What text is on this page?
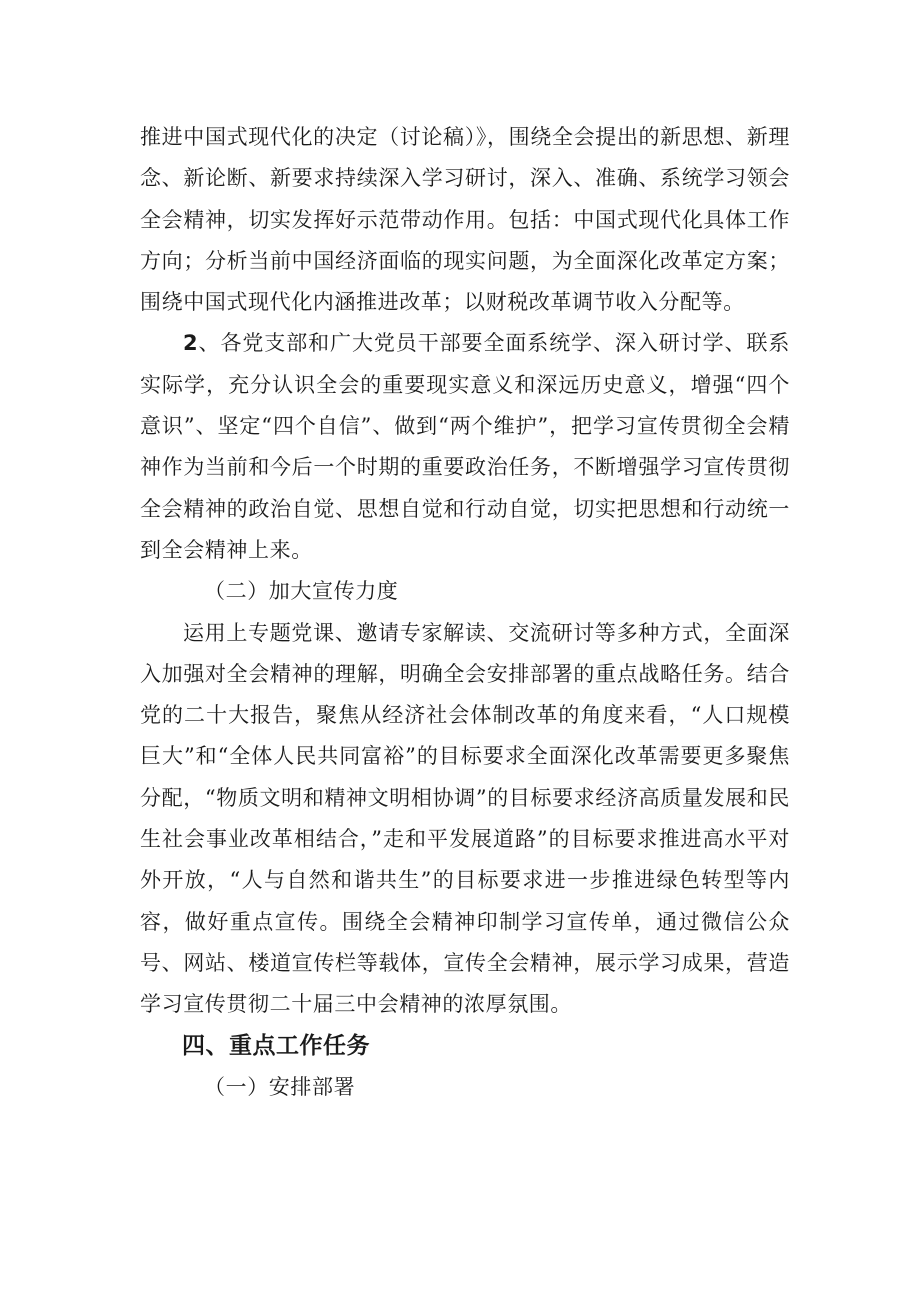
推进中国式现代化的决定（讨论稿）》，围绕全会提出的新思想、新理念、新论断、新要求持续深入学习研讨，深入、准确、系统学习领会全会精神，切实发挥好示范带动作用。包括：中国式现代化具体工作方向；分析当前中国经济面临的现实问题，为全面深化改革定方案；围绕中国式现代化内涵推进改革；以财税改革调节收入分配等。

2、各党支部和广大党员干部要全面系统学、深入研讨学、联系实际学，充分认识全会的重要现实意义和深远历史意义，增强“四个意识”、坚定“四个自信”、做到“两个维护”，把学习宣传贯彻全会精神作为当前和今后一个时期的重要政治任务，不断增强学习宣传贯彻全会精神的政治自觉、思想自觉和行动自觉，切实把思想和行动统一到全会精神上来。

（二）加大宣传力度

运用上专题党课、邀请专家解读、交流研讨等多种方式，全面深入加强对全会精神的理解，明确全会安排部署的重点战略任务。结合党的二十大报告，聚焦从经济社会体制改革的角度来看，“人口规模巨大”和“全体人民共同富裕”的目标要求全面深化改革需要更多聚焦分配，“物质文明和精神文明相协调”的目标要求经济高质量发展和民生社会事业改革相结合，”走和平发展道路”的目标要求推进高水平对外开放，“人与自然和谐共生”的目标要求进一步推进绿色转型等内容，做好重点宣传。围绕全会精神印制学习宣传单，通过微信公众号、网站、楼道宣传栏等载体，宣传全会精神，展示学习成果，营造学习宣传贯彻二十届三中会精神的浓厚氛围。

四、重点工作任务

（一）安排部署
